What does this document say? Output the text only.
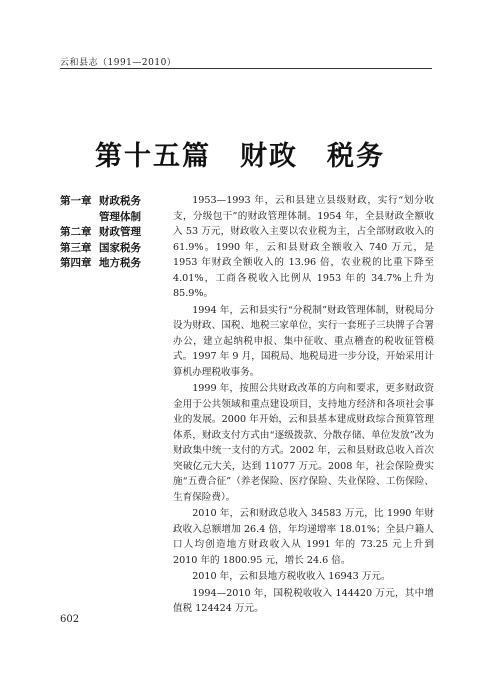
云和县志（1991—2010）
第十五篇　财政　税务
第一章 财政税务
管理体制
第二章 财政管理
第三章 国家税务
第四章 地方税务

1953—1993 年，云和县建立县级财政，实行“划分收支，分级包干”的财政管理体制。1954 年，全县财政全额收入 53 万元，财政收入主要以农业税为主，占全部财政收入的 61.9%。1990 年，云和县财政全额收入 740 万元，是 1953 年财政全额收入的 13.96 倍，农业税的比重下降至 4.01%，工商各税收入比例从 1953 年的 34.7%上升为 85.9%。

1994 年，云和县实行“分税制”财政管理体制，财税局分设为财政、国税、地税三家单位，实行一套班子三块牌子合署办公，建立起纳税申报、集中征收、重点稽查的税收征管模式。1997 年 9 月，国税局、地税局进一步分设，开始采用计算机办理税收事务。

1999 年，按照公共财政改革的方向和要求，更多财政资金用于公共领域和重点建设项目，支持地方经济和各项社会事业的发展。2000 年开始，云和县基本建成财政综合预算管理体系，财政支付方式由“逐级拨款、分散存储、单位发放”改为财政集中统一支付的方式。2002 年，云和县财政总收入首次突破亿元大关，达到 11077 万元。2008 年，社会保险费实施“五费合征”（养老保险、医疗保险、失业保险、工伤保险、生育保险费）。

2010 年，云和财政总收入 34583 万元，比 1990 年财政收入总额增加 26.4 倍，年均递增率 18.01%；全县户籍人口人均创造地方财政收入从 1991 年的 73.25 元上升到 2010 年的 1800.95 元，增长 24.6 倍。

2010 年，云和县地方税收收入 16943 万元。

1994—2010 年，国税税收收入 144420 万元，其中增值税 124424 万元。

602
